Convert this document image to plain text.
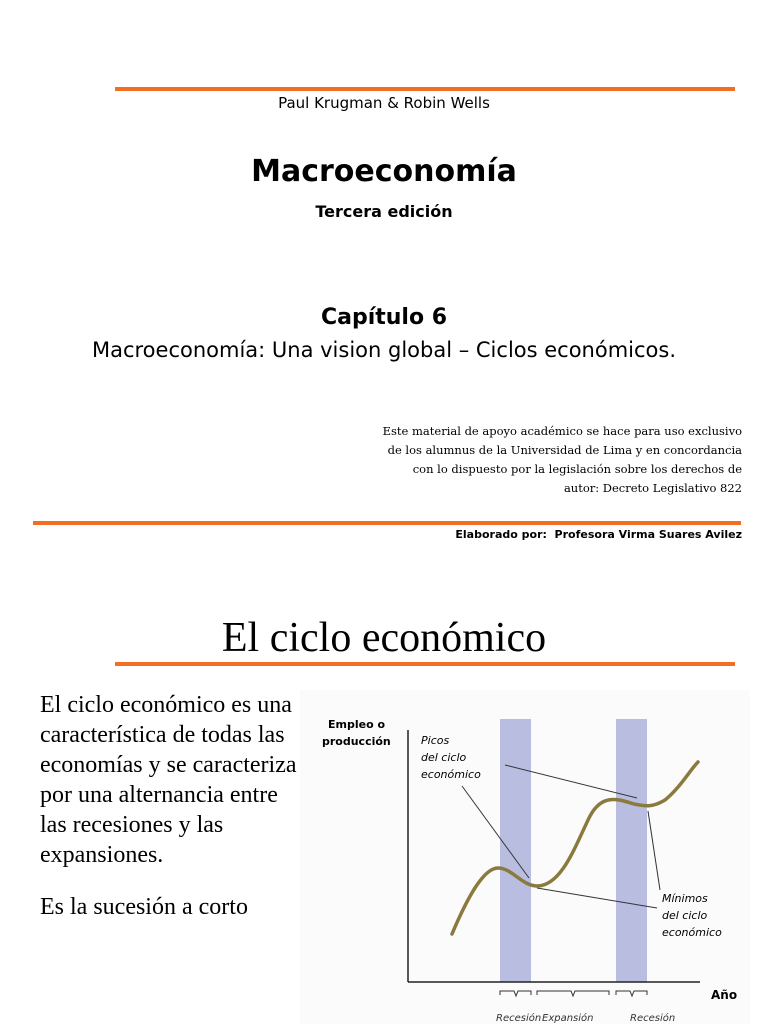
Paul Krugman & Robin Wells
Macroeconomía
Tercera edición
Capítulo 6
Macroeconomía: Una vision global – Ciclos económicos.
Este material de apoyo académico se hace para uso exclusivo
de los alumnus de la Universidad de Lima y en concordancia
con lo dispuesto por la legislación sobre los derechos de
autor: Decreto Legislativo 822
Elaborado por:  Profesora Virma Suares Avilez
El ciclo económico

El ciclo económico es una característica de todas las economías y se caracteriza por una alternancia entre las recesiones y las expansiones.

Es la sucesión a corto

Empleo o
producción
Año
Picos
del ciclo
económico
Mínimos
del ciclo
económico
Recesión Expansión	Recesión
